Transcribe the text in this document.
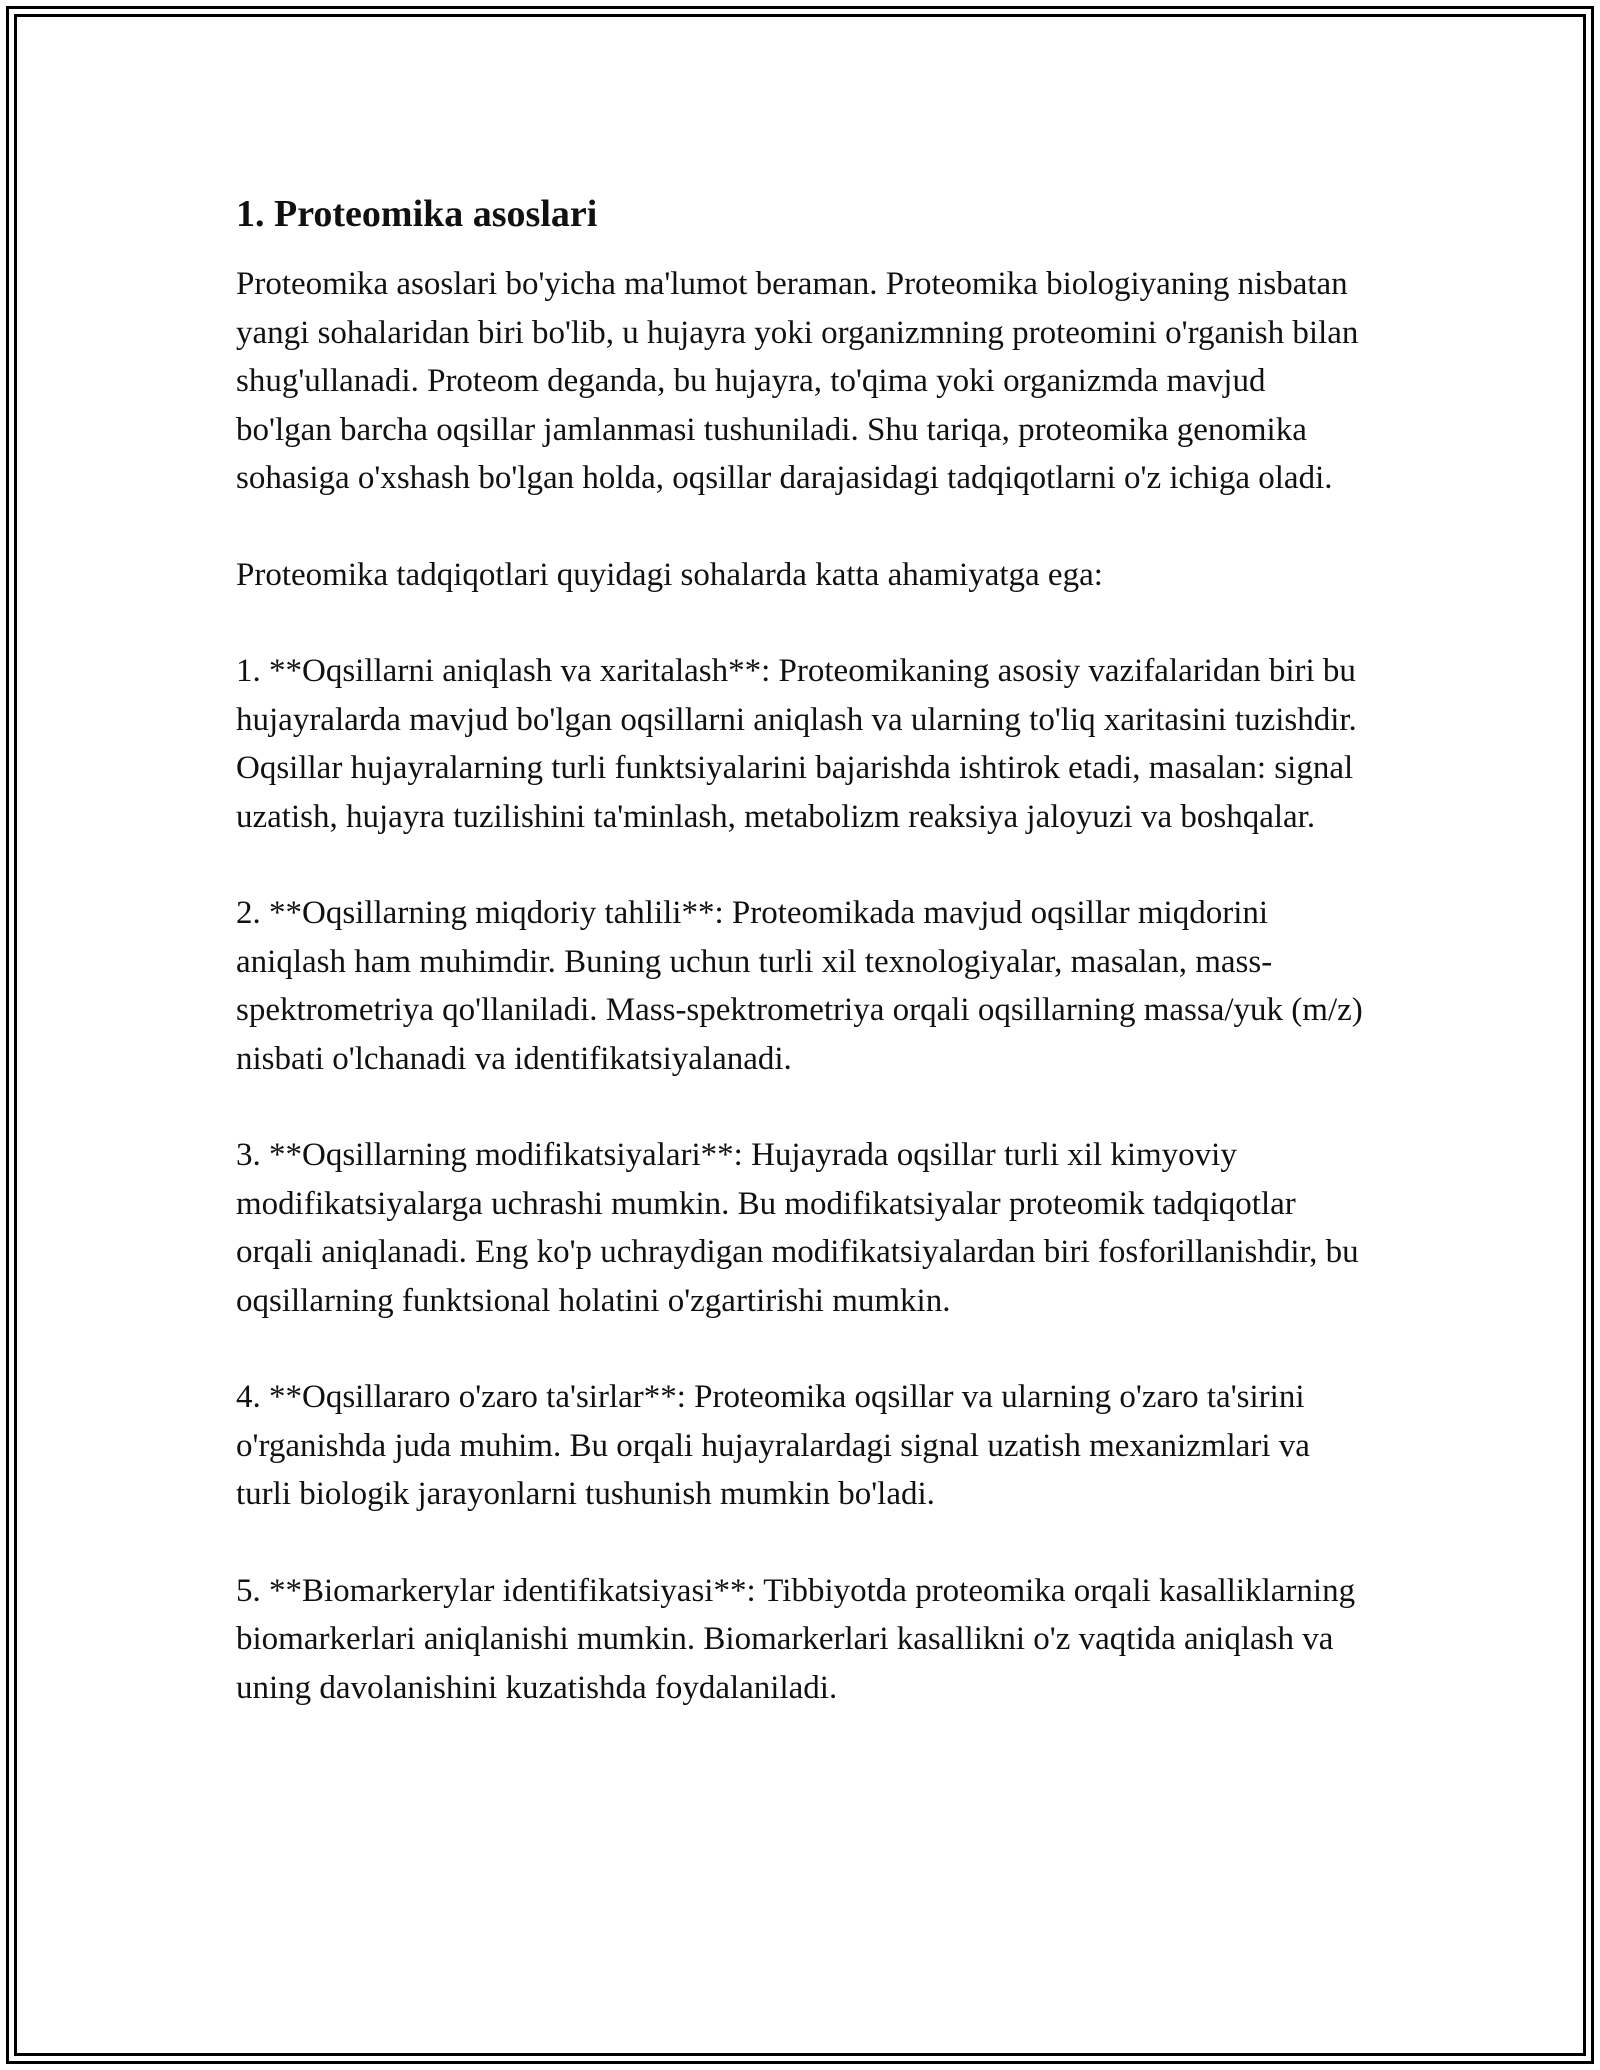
1. Proteomika asoslari

Proteomika asoslari bo'yicha ma'lumot beraman. Proteomika biologiyaning nisbatan yangi sohalaridan biri bo'lib, u hujayra yoki organizmning proteomini o'rganish bilan shug'ullanadi. Proteom deganda, bu hujayra, to'qima yoki organizmda mavjud bo'lgan barcha oqsillar jamlanmasi tushuniladi. Shu tariqa, proteomika genomika sohasiga o'xshash bo'lgan holda, oqsillar darajasidagi tadqiqotlarni o'z ichiga oladi.

Proteomika tadqiqotlari quyidagi sohalarda katta ahamiyatga ega:

1. **Oqsillarni aniqlash va xaritalash**: Proteomikaning asosiy vazifalaridan biri bu hujayralarda mavjud bo'lgan oqsillarni aniqlash va ularning to'liq xaritasini tuzishdir. Oqsillar hujayralarning turli funktsiyalarini bajarishda ishtirok etadi, masalan: signal uzatish, hujayra tuzilishini ta'minlash, metabolizm reaksiya jaloyuzi va boshqalar.

2. **Oqsillarning miqdoriy tahlili**: Proteomikada mavjud oqsillar miqdorini aniqlash ham muhimdir. Buning uchun turli xil texnologiyalar, masalan, mass-spektrometriya qo'llaniladi. Mass-spektrometriya orqali oqsillarning massa/yuk (m/z) nisbati o'lchanadi va identifikatsiyalanadi.

3. **Oqsillarning modifikatsiyalari**: Hujayrada oqsillar turli xil kimyoviy modifikatsiyalarga uchrashi mumkin. Bu modifikatsiyalar proteomik tadqiqotlar orqali aniqlanadi. Eng ko'p uchraydigan modifikatsiyalardan biri fosforillanishdir, bu oqsillarning funktsional holatini o'zgartirishi mumkin.

4. **Oqsillararo o'zaro ta'sirlar**: Proteomika oqsillar va ularning o'zaro ta'sirini o'rganishda juda muhim. Bu orqali hujayralardagi signal uzatish mexanizmlari va turli biologik jarayonlarni tushunish mumkin bo'ladi.

5. **Biomarkerylar identifikatsiyasi**: Tibbiyotda proteomika orqali kasalliklarning biomarkerlari aniqlanishi mumkin. Biomarkerlari kasallikni o'z vaqtida aniqlash va uning davolanishini kuzatishda foydalaniladi.
